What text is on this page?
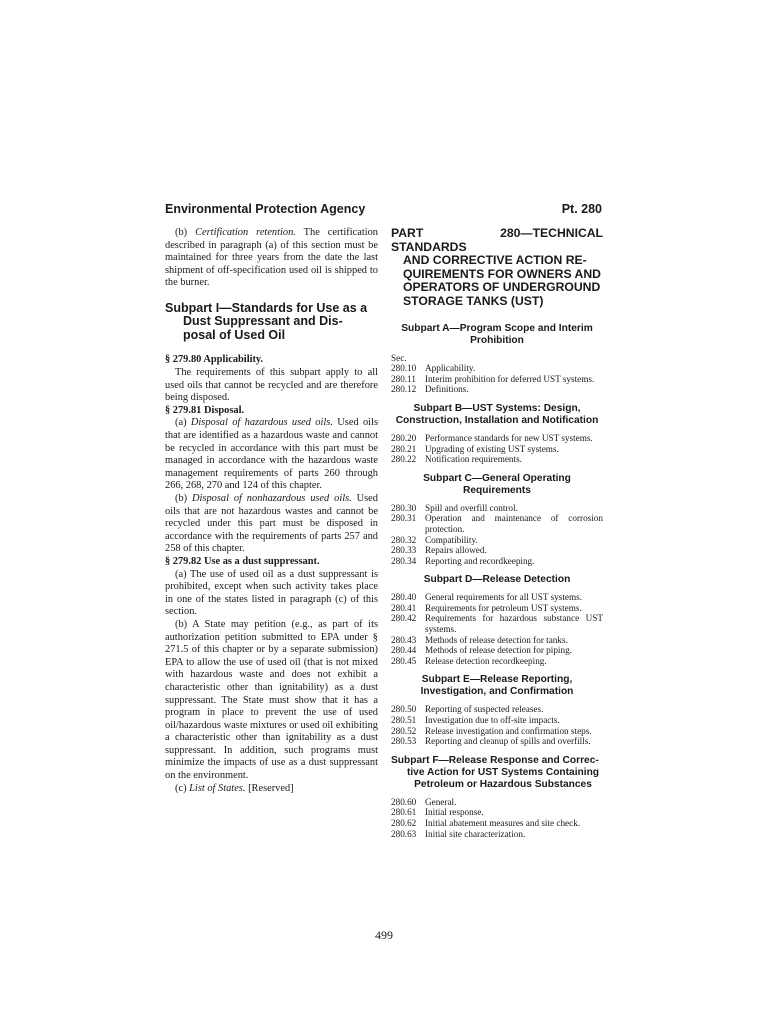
Environmental Protection Agency	Pt. 280

(b) Certification retention. The certification described in paragraph (a) of this section must be maintained for three years from the date the last shipment of off-specification used oil is shipped to the burner.

Subpart I—Standards for Use as a
Dust Suppressant and Dis-
posal of Used Oil

§ 279.80 Applicability.

The requirements of this subpart apply to all used oils that cannot be recycled and are therefore being disposed.

§ 279.81 Disposal.

(a) Disposal of hazardous used oils. Used oils that are identified as a hazardous waste and cannot be recycled in accordance with this part must be managed in accordance with the hazardous waste management requirements of parts 260 through 266, 268, 270 and 124 of this chapter.

(b) Disposal of nonhazardous used oils. Used oils that are not hazardous wastes and cannot be recycled under this part must be disposed in accordance with the requirements of parts 257 and 258 of this chapter.

§ 279.82 Use as a dust suppressant.

(a) The use of used oil as a dust suppressant is prohibited, except when such activity takes place in one of the states listed in paragraph (c) of this section.

(b) A State may petition (e.g., as part of its authorization petition submitted to EPA under § 271.5 of this chapter or by a separate submission) EPA to allow the use of used oil (that is not mixed with hazardous waste and does not exhibit a characteristic other than ignitability) as a dust suppressant. The State must show that it has a program in place to prevent the use of used oil/hazardous waste mixtures or used oil exhibiting a characteristic other than ignitability as a dust suppressant. In addition, such programs must minimize the impacts of use as a dust suppressant on the environment.

(c) List of States. [Reserved]

PART 280—TECHNICAL STANDARDS
AND CORRECTIVE ACTION RE-
QUIREMENTS FOR OWNERS AND
OPERATORS OF UNDERGROUND
STORAGE TANKS (UST)
Subpart A—Program Scope and Interim
Prohibition
Sec.
280.10 Applicability.
280.11 Interim prohibition for deferred UST systems.
280.12 Definitions.
Subpart B—UST Systems: Design,
Construction, Installation and Notification
280.20 Performance standards for new UST systems.
280.21 Upgrading of existing UST systems.
280.22 Notification requirements.
Subpart C—General Operating
Requirements
280.30 Spill and overfill control.
280.31 Operation and maintenance of corrosion protection.
280.32 Compatibility.
280.33 Repairs allowed.
280.34 Reporting and recordkeeping.
Subpart D—Release Detection
280.40 General requirements for all UST systems.
280.41 Requirements for petroleum UST systems.
280.42 Requirements for hazardous substance UST systems.
280.43 Methods of release detection for tanks.
280.44 Methods of release detection for piping.
280.45 Release detection recordkeeping.
Subpart E—Release Reporting,
Investigation, and Confirmation
280.50 Reporting of suspected releases.
280.51 Investigation due to off-site impacts.
280.52 Release investigation and confirmation steps.
280.53 Reporting and cleanup of spills and overfills.
Subpart F—Release Response and Correc-
tive Action for UST Systems Containing
Petroleum or Hazardous Substances
280.60 General.
280.61 Initial response.
280.62 Initial abatement measures and site check.
280.63 Initial site characterization.
499
